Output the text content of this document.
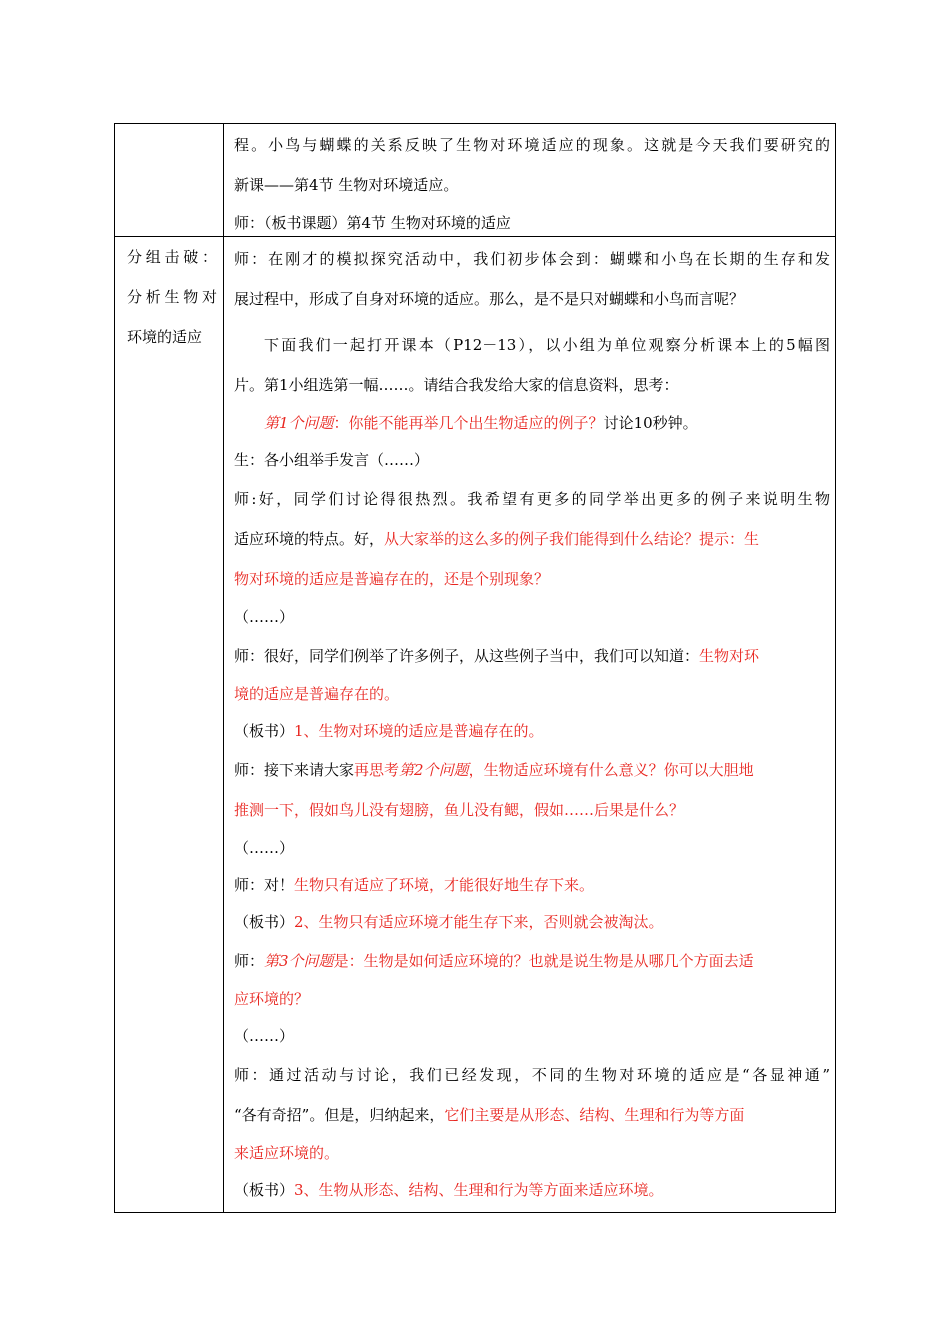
程。小鸟与蝴蝶的关系反映了生物对环境适应的现象。这就是今天我们要研究的
新课——第4节 生物对环境适应。
师：（板书课题）第4节 生物对环境的适应
分组击破：
分析生物对
环境的适应
师：在刚才的模拟探究活动中，我们初步体会到：蝴蝶和小鸟在长期的生存和发
展过程中，形成了自身对环境的适应。那么，是不是只对蝴蝶和小鸟而言呢？
下面我们一起打开课本（P12－13），以小组为单位观察分析课本上的5幅图
片。第1小组选第一幅……。请结合我发给大家的信息资料，思考：
第1个问题：你能不能再举几个出生物适应的例子？讨论10秒钟。
生：各小组举手发言（……）
师:好，同学们讨论得很热烈。我希望有更多的同学举出更多的例子来说明生物
适应环境的特点。好，从大家举的这么多的例子我们能得到什么结论？提示：生
物对环境的适应是普遍存在的，还是个别现象？
（……）
师：很好，同学们例举了许多例子，从这些例子当中，我们可以知道：生物对环
境的适应是普遍存在的。
（板书）1、生物对环境的适应是普遍存在的。
师：接下来请大家再思考第2个问题，生物适应环境有什么意义？你可以大胆地
推测一下，假如鸟儿没有翅膀，鱼儿没有鳃，假如……后果是什么？
（……）
师：对！生物只有适应了环境，才能很好地生存下来。
（板书）2、生物只有适应环境才能生存下来，否则就会被淘汰。
师：第3个问题是：生物是如何适应环境的？也就是说生物是从哪几个方面去适
应环境的？
（……）
师：通过活动与讨论，我们已经发现，不同的生物对环境的适应是“各显神通”
“各有奇招”。但是，归纳起来，它们主要是从形态、结构、生理和行为等方面
来适应环境的。
（板书）3、生物从形态、结构、生理和行为等方面来适应环境。
